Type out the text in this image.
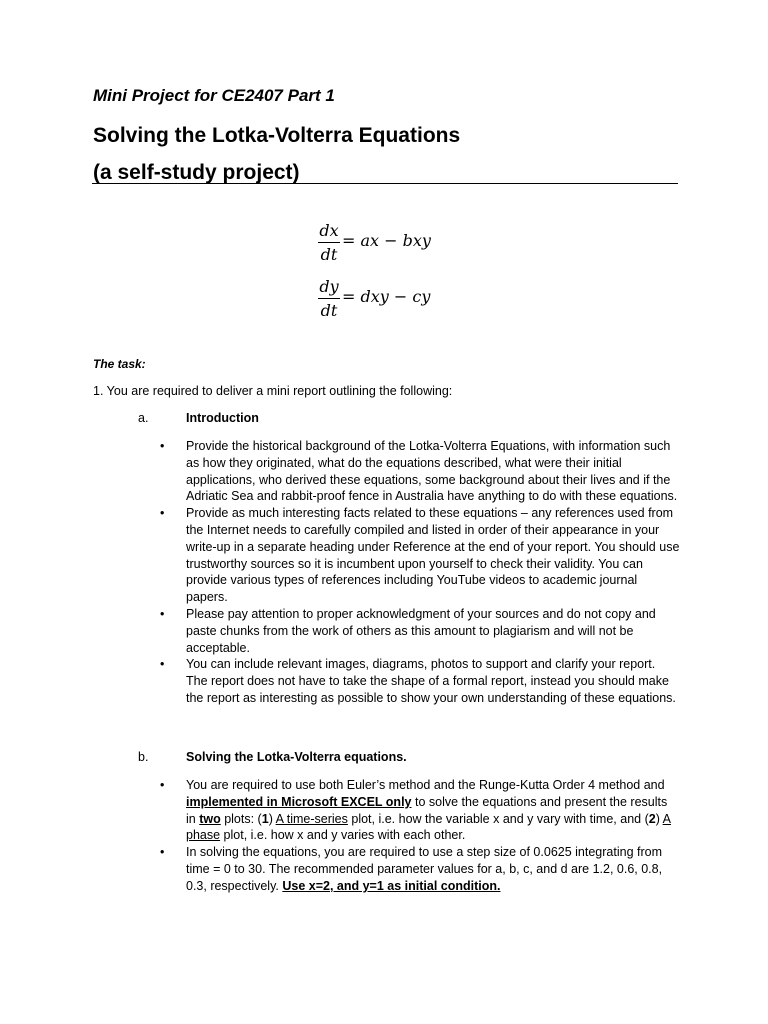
Mini Project for CE2407 Part 1
Solving the Lotka-Volterra Equations
(a self-study project)
dx
dt
= ax − bxy
dy
dt
= dxy − cy
The task:
1. You are required to deliver a mini report outlining the following:
a.	Introduction
• Provide the historical background of the Lotka-Volterra Equations, with information such as how they originated, what do the equations described, what were their initial applications, who derived these equations, some background about their lives and if the Adriatic Sea and rabbit-proof fence in Australia have anything to do with these equations.
• Provide as much interesting facts related to these equations – any references used from the Internet needs to carefully compiled and listed in order of their appearance in your write-up in a separate heading under Reference at the end of your report. You should use trustworthy sources so it is incumbent upon yourself to check their validity. You can provide various types of references including YouTube videos to academic journal papers.
• Please pay attention to proper acknowledgment of your sources and do not copy and paste chunks from the work of others as this amount to plagiarism and will not be acceptable.
• You can include relevant images, diagrams, photos to support and clarify your report. The report does not have to take the shape of a formal report, instead you should make the report as interesting as possible to show your own understanding of these equations.
b.	Solving the Lotka-Volterra equations.
• You are required to use both Euler’s method and the Runge-Kutta Order 4 method and implemented in Microsoft EXCEL only to solve the equations and present the results in two plots: (1) A time-series plot, i.e. how the variable x and y vary with time, and (2) A phase plot, i.e. how x and y varies with each other.
• In solving the equations, you are required to use a step size of 0.0625 integrating from time = 0 to 30. The recommended parameter values for a, b, c, and d are 1.2, 0.6, 0.8, 0.3, respectively. Use x=2, and y=1 as initial condition.
